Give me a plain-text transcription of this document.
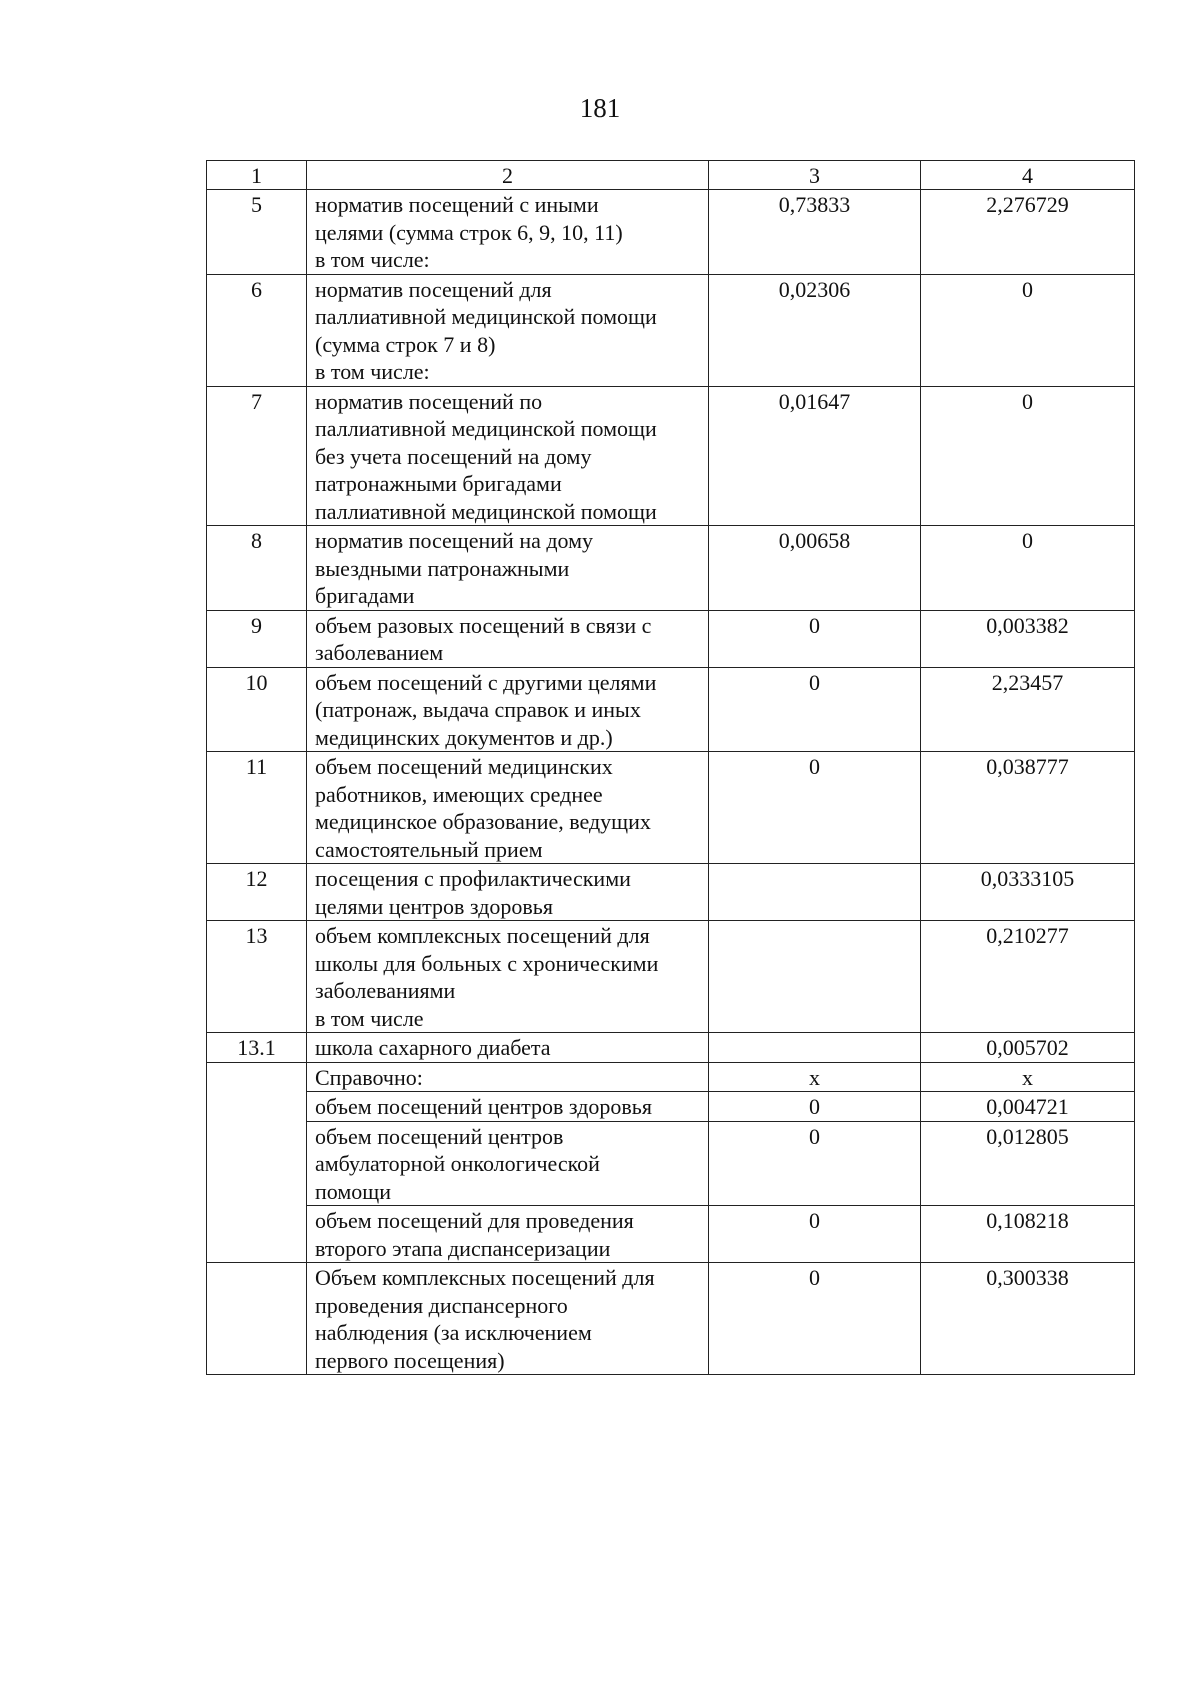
181
1	2	3	4
5	норматив посещений с иными
целями (сумма строк 6, 9, 10, 11)
в том числе:	0,73833	2,276729
6	норматив посещений для
паллиативной медицинской помощи
(сумма строк 7 и 8)
в том числе:	0,02306	0
7	норматив посещений по
паллиативной медицинской помощи
без учета посещений на дому
патронажными бригадами
паллиативной медицинской помощи	0,01647	0
8	норматив посещений на дому
выездными патронажными
бригадами	0,00658	0
9	объем разовых посещений в связи с
заболеванием	0	0,003382
10	объем посещений с другими целями
(патронаж, выдача справок и иных
медицинских документов и др.)	0	2,23457
11	объем посещений медицинских
работников, имеющих среднее
медицинское образование, ведущих
самостоятельный прием	0	0,038777
12	посещения с профилактическими
целями центров здоровья		0,0333105
13	объем комплексных посещений для
школы для больных с хроническими
заболеваниями
в том числе		0,210277
13.1	школа сахарного диабета		0,005702

	Справочно:	x	x

	объем посещений центров здоровья	0	0,004721

	объем посещений центров
амбулаторной онкологической
помощи	0	0,012805

	объем посещений для проведения
второго этапа диспансеризации	0	0,108218

	Объем комплексных посещений для
проведения диспансерного
наблюдения (за исключением
первого посещения)	0	0,300338
